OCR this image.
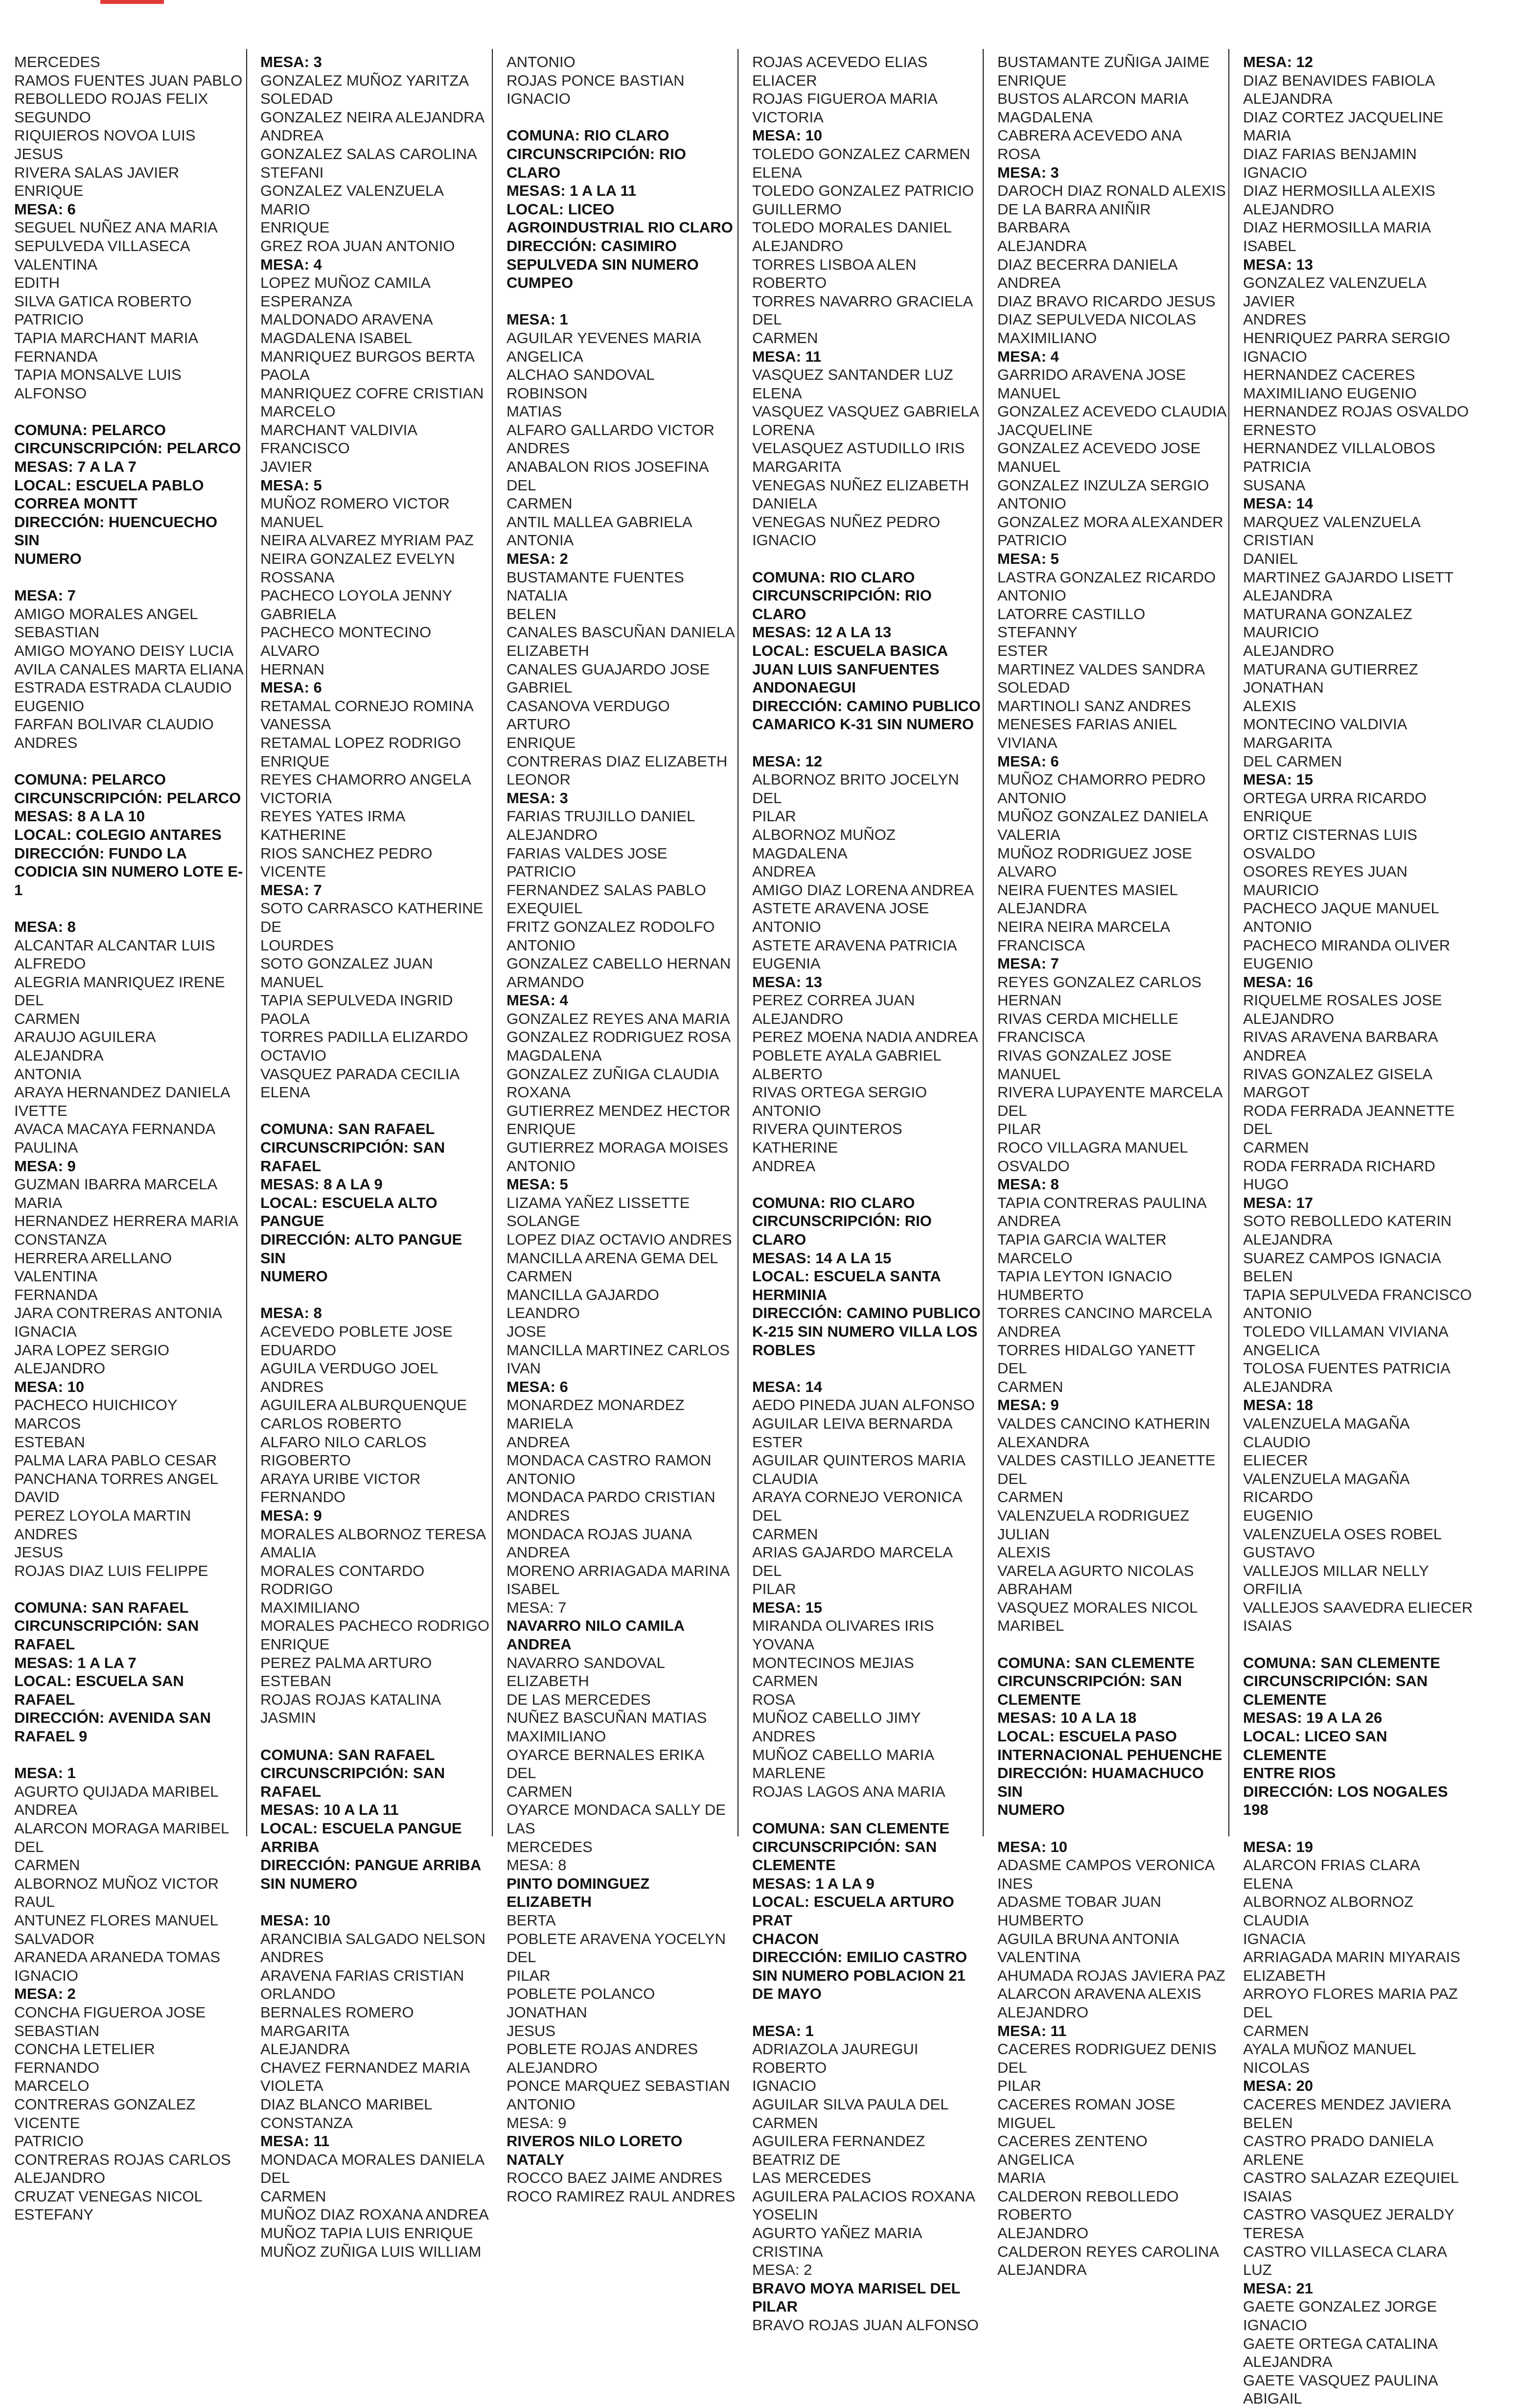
MERCEDES
RAMOS FUENTES JUAN PABLO
REBOLLEDO ROJAS FELIX
SEGUNDO
RIQUIEROS NOVOA LUIS JESUS
RIVERA SALAS JAVIER ENRIQUE
MESA: 6
SEGUEL NUÑEZ ANA MARIA
SEPULVEDA VILLASECA VALENTINA
EDITH
SILVA GATICA ROBERTO PATRICIO
TAPIA MARCHANT MARIA
FERNANDA
TAPIA MONSALVE LUIS ALFONSO

COMUNA: PELARCO
CIRCUNSCRIPCIÓN: PELARCO
MESAS: 7 A LA 7
LOCAL: ESCUELA PABLO
CORREA MONTT
DIRECCIÓN: HUENCUECHO SIN
NUMERO

MESA: 7
AMIGO MORALES ANGEL
SEBASTIAN
AMIGO MOYANO DEISY LUCIA
AVILA CANALES MARTA ELIANA
ESTRADA ESTRADA CLAUDIO
EUGENIO
FARFAN BOLIVAR CLAUDIO ANDRES

COMUNA: PELARCO
CIRCUNSCRIPCIÓN: PELARCO
MESAS: 8 A LA 10
LOCAL: COLEGIO ANTARES
DIRECCIÓN: FUNDO LA
CODICIA SIN NUMERO LOTE E-1

MESA: 8
ALCANTAR ALCANTAR LUIS
ALFREDO
ALEGRIA MANRIQUEZ IRENE DEL
CARMEN
ARAUJO AGUILERA ALEJANDRA
ANTONIA
ARAYA HERNANDEZ DANIELA
IVETTE
AVACA MACAYA FERNANDA
PAULINA
MESA: 9
GUZMAN IBARRA MARCELA MARIA
HERNANDEZ HERRERA MARIA
CONSTANZA
HERRERA ARELLANO VALENTINA
FERNANDA
JARA CONTRERAS ANTONIA
IGNACIA
JARA LOPEZ SERGIO ALEJANDRO
MESA: 10
PACHECO HUICHICOY MARCOS
ESTEBAN
PALMA LARA PABLO CESAR
PANCHANA TORRES ANGEL DAVID
PEREZ LOYOLA MARTIN ANDRES
JESUS
ROJAS DIAZ LUIS FELIPPE

COMUNA: SAN RAFAEL
CIRCUNSCRIPCIÓN: SAN
RAFAEL
MESAS: 1 A LA 7
LOCAL: ESCUELA SAN RAFAEL
DIRECCIÓN: AVENIDA SAN
RAFAEL 9

MESA: 1
AGURTO QUIJADA MARIBEL
ANDREA
ALARCON MORAGA MARIBEL DEL
CARMEN
ALBORNOZ MUÑOZ VICTOR RAUL
ANTUNEZ FLORES MANUEL
SALVADOR
ARANEDA ARANEDA TOMAS
IGNACIO
MESA: 2
CONCHA FIGUEROA JOSE
SEBASTIAN
CONCHA LETELIER FERNANDO
MARCELO
CONTRERAS GONZALEZ VICENTE
PATRICIO
CONTRERAS ROJAS CARLOS
ALEJANDRO
CRUZAT VENEGAS NICOL ESTEFANY
MESA: 3
GONZALEZ MUÑOZ YARITZA
SOLEDAD
GONZALEZ NEIRA ALEJANDRA
ANDREA
GONZALEZ SALAS CAROLINA
STEFANI
GONZALEZ VALENZUELA MARIO
ENRIQUE
GREZ ROA JUAN ANTONIO
MESA: 4
LOPEZ MUÑOZ CAMILA ESPERANZA
MALDONADO ARAVENA
MAGDALENA ISABEL
MANRIQUEZ BURGOS BERTA PAOLA
MANRIQUEZ COFRE CRISTIAN
MARCELO
MARCHANT VALDIVIA FRANCISCO
JAVIER
MESA: 5
MUÑOZ ROMERO VICTOR MANUEL
NEIRA ALVAREZ MYRIAM PAZ
NEIRA GONZALEZ EVELYN
ROSSANA
PACHECO LOYOLA JENNY GABRIELA
PACHECO MONTECINO ALVARO
HERNAN
MESA: 6
RETAMAL CORNEJO ROMINA
VANESSA
RETAMAL LOPEZ RODRIGO
ENRIQUE
REYES CHAMORRO ANGELA
VICTORIA
REYES YATES IRMA KATHERINE
RIOS SANCHEZ PEDRO VICENTE
MESA: 7
SOTO CARRASCO KATHERINE DE
LOURDES
SOTO GONZALEZ JUAN MANUEL
TAPIA SEPULVEDA INGRID PAOLA
TORRES PADILLA ELIZARDO
OCTAVIO
VASQUEZ PARADA CECILIA ELENA

COMUNA: SAN RAFAEL
CIRCUNSCRIPCIÓN: SAN
RAFAEL
MESAS: 8 A LA 9
LOCAL: ESCUELA ALTO PANGUE
DIRECCIÓN: ALTO PANGUE SIN
NUMERO

MESA: 8
ACEVEDO POBLETE JOSE EDUARDO
AGUILA VERDUGO JOEL ANDRES
AGUILERA ALBURQUENQUE
CARLOS ROBERTO
ALFARO NILO CARLOS RIGOBERTO
ARAYA URIBE VICTOR FERNANDO
MESA: 9
MORALES ALBORNOZ TERESA
AMALIA
MORALES CONTARDO RODRIGO
MAXIMILIANO
MORALES PACHECO RODRIGO
ENRIQUE
PEREZ PALMA ARTURO ESTEBAN
ROJAS ROJAS KATALINA JASMIN

COMUNA: SAN RAFAEL
CIRCUNSCRIPCIÓN: SAN
RAFAEL
MESAS: 10 A LA 11
LOCAL: ESCUELA PANGUE
ARRIBA
DIRECCIÓN: PANGUE ARRIBA
SIN NUMERO

MESA: 10
ARANCIBIA SALGADO NELSON
ANDRES
ARAVENA FARIAS CRISTIAN
ORLANDO
BERNALES ROMERO MARGARITA
ALEJANDRA
CHAVEZ FERNANDEZ MARIA
VIOLETA
DIAZ BLANCO MARIBEL
CONSTANZA
MESA: 11
MONDACA MORALES DANIELA DEL
CARMEN
MUÑOZ DIAZ ROXANA ANDREA
MUÑOZ TAPIA LUIS ENRIQUE
MUÑOZ ZUÑIGA LUIS WILLIAM
ANTONIO
ROJAS PONCE BASTIAN IGNACIO

COMUNA: RIO CLARO
CIRCUNSCRIPCIÓN: RIO CLARO
MESAS: 1 A LA 11
LOCAL: LICEO
AGROINDUSTRIAL RIO CLARO
DIRECCIÓN: CASIMIRO
SEPULVEDA SIN NUMERO
CUMPEO

MESA: 1
AGUILAR YEVENES MARIA
ANGELICA
ALCHAO SANDOVAL ROBINSON
MATIAS
ALFARO GALLARDO VICTOR
ANDRES
ANABALON RIOS JOSEFINA DEL
CARMEN
ANTIL MALLEA GABRIELA ANTONIA
MESA: 2
BUSTAMANTE FUENTES NATALIA
BELEN
CANALES BASCUÑAN DANIELA
ELIZABETH
CANALES GUAJARDO JOSE
GABRIEL
CASANOVA VERDUGO ARTURO
ENRIQUE
CONTRERAS DIAZ ELIZABETH
LEONOR
MESA: 3
FARIAS TRUJILLO DANIEL
ALEJANDRO
FARIAS VALDES JOSE PATRICIO
FERNANDEZ SALAS PABLO
EXEQUIEL
FRITZ GONZALEZ RODOLFO
ANTONIO
GONZALEZ CABELLO HERNAN
ARMANDO
MESA: 4
GONZALEZ REYES ANA MARIA
GONZALEZ RODRIGUEZ ROSA
MAGDALENA
GONZALEZ ZUÑIGA CLAUDIA
ROXANA
GUTIERREZ MENDEZ HECTOR
ENRIQUE
GUTIERREZ MORAGA MOISES
ANTONIO
MESA: 5
LIZAMA YAÑEZ LISSETTE SOLANGE
LOPEZ DIAZ OCTAVIO ANDRES
MANCILLA ARENA GEMA DEL
CARMEN
MANCILLA GAJARDO LEANDRO
JOSE
MANCILLA MARTINEZ CARLOS IVAN
MESA: 6
MONARDEZ MONARDEZ MARIELA
ANDREA
MONDACA CASTRO RAMON
ANTONIO
MONDACA PARDO CRISTIAN
ANDRES
MONDACA ROJAS JUANA ANDREA
MORENO ARRIAGADA MARINA
ISABEL
MESA: 7
NAVARRO NILO CAMILA ANDREA
NAVARRO SANDOVAL ELIZABETH
DE LAS MERCEDES
NUÑEZ BASCUÑAN MATIAS
MAXIMILIANO
OYARCE BERNALES ERIKA DEL
CARMEN
OYARCE MONDACA SALLY DE LAS
MERCEDES
MESA: 8
PINTO DOMINGUEZ ELIZABETH
BERTA
POBLETE ARAVENA YOCELYN DEL
PILAR
POBLETE POLANCO JONATHAN
JESUS
POBLETE ROJAS ANDRES
ALEJANDRO
PONCE MARQUEZ SEBASTIAN
ANTONIO
MESA: 9
RIVEROS NILO LORETO NATALY
ROCCO BAEZ JAIME ANDRES
ROCO RAMIREZ RAUL ANDRES
ROJAS ACEVEDO ELIAS ELIACER
ROJAS FIGUEROA MARIA VICTORIA
MESA: 10
TOLEDO GONZALEZ CARMEN ELENA
TOLEDO GONZALEZ PATRICIO
GUILLERMO
TOLEDO MORALES DANIEL
ALEJANDRO
TORRES LISBOA ALEN ROBERTO
TORRES NAVARRO GRACIELA DEL
CARMEN
MESA: 11
VASQUEZ SANTANDER LUZ ELENA
VASQUEZ VASQUEZ GABRIELA
LORENA
VELASQUEZ ASTUDILLO IRIS
MARGARITA
VENEGAS NUÑEZ ELIZABETH
DANIELA
VENEGAS NUÑEZ PEDRO IGNACIO

COMUNA: RIO CLARO
CIRCUNSCRIPCIÓN: RIO CLARO
MESAS: 12 A LA 13
LOCAL: ESCUELA BASICA
JUAN LUIS SANFUENTES
ANDONAEGUI
DIRECCIÓN: CAMINO PUBLICO
CAMARICO K-31 SIN NUMERO

MESA: 12
ALBORNOZ BRITO JOCELYN DEL
PILAR
ALBORNOZ MUÑOZ MAGDALENA
ANDREA
AMIGO DIAZ LORENA ANDREA
ASTETE ARAVENA JOSE ANTONIO
ASTETE ARAVENA PATRICIA
EUGENIA
MESA: 13
PEREZ CORREA JUAN ALEJANDRO
PEREZ MOENA NADIA ANDREA
POBLETE AYALA GABRIEL ALBERTO
RIVAS ORTEGA SERGIO ANTONIO
RIVERA QUINTEROS KATHERINE
ANDREA

COMUNA: RIO CLARO
CIRCUNSCRIPCIÓN: RIO CLARO
MESAS: 14 A LA 15
LOCAL: ESCUELA SANTA
HERMINIA
DIRECCIÓN: CAMINO PUBLICO
K-215 SIN NUMERO VILLA LOS
ROBLES

MESA: 14
AEDO PINEDA JUAN ALFONSO
AGUILAR LEIVA BERNARDA ESTER
AGUILAR QUINTEROS MARIA
CLAUDIA
ARAYA CORNEJO VERONICA DEL
CARMEN
ARIAS GAJARDO MARCELA DEL
PILAR
MESA: 15
MIRANDA OLIVARES IRIS YOVANA
MONTECINOS MEJIAS CARMEN
ROSA
MUÑOZ CABELLO JIMY ANDRES
MUÑOZ CABELLO MARIA MARLENE
ROJAS LAGOS ANA MARIA

COMUNA: SAN CLEMENTE
CIRCUNSCRIPCIÓN: SAN
CLEMENTE
MESAS: 1 A LA 9
LOCAL: ESCUELA ARTURO PRAT
CHACON
DIRECCIÓN: EMILIO CASTRO
SIN NUMERO POBLACION 21
DE MAYO

MESA: 1
ADRIAZOLA JAUREGUI ROBERTO
IGNACIO
AGUILAR SILVA PAULA DEL
CARMEN
AGUILERA FERNANDEZ BEATRIZ DE
LAS MERCEDES
AGUILERA PALACIOS ROXANA
YOSELIN
AGURTO YAÑEZ MARIA CRISTINA
MESA: 2
BRAVO MOYA MARISEL DEL PILAR
BRAVO ROJAS JUAN ALFONSO
BUSTAMANTE ZUÑIGA JAIME
ENRIQUE
BUSTOS ALARCON MARIA
MAGDALENA
CABRERA ACEVEDO ANA ROSA
MESA: 3
DAROCH DIAZ RONALD ALEXIS
DE LA BARRA ANIÑIR BARBARA
ALEJANDRA
DIAZ BECERRA DANIELA ANDREA
DIAZ BRAVO RICARDO JESUS
DIAZ SEPULVEDA NICOLAS
MAXIMILIANO
MESA: 4
GARRIDO ARAVENA JOSE MANUEL
GONZALEZ ACEVEDO CLAUDIA
JACQUELINE
GONZALEZ ACEVEDO JOSE MANUEL
GONZALEZ INZULZA SERGIO
ANTONIO
GONZALEZ MORA ALEXANDER
PATRICIO
MESA: 5
LASTRA GONZALEZ RICARDO
ANTONIO
LATORRE CASTILLO STEFANNY
ESTER
MARTINEZ VALDES SANDRA
SOLEDAD
MARTINOLI SANZ ANDRES
MENESES FARIAS ANIEL VIVIANA
MESA: 6
MUÑOZ CHAMORRO PEDRO
ANTONIO
MUÑOZ GONZALEZ DANIELA
VALERIA
MUÑOZ RODRIGUEZ JOSE ALVARO
NEIRA FUENTES MASIEL
ALEJANDRA
NEIRA NEIRA MARCELA FRANCISCA
MESA: 7
REYES GONZALEZ CARLOS HERNAN
RIVAS CERDA MICHELLE
FRANCISCA
RIVAS GONZALEZ JOSE MANUEL
RIVERA LUPAYENTE MARCELA DEL
PILAR
ROCO VILLAGRA MANUEL OSVALDO
MESA: 8
TAPIA CONTRERAS PAULINA
ANDREA
TAPIA GARCIA WALTER MARCELO
TAPIA LEYTON IGNACIO HUMBERTO
TORRES CANCINO MARCELA
ANDREA
TORRES HIDALGO YANETT DEL
CARMEN
MESA: 9
VALDES CANCINO KATHERIN
ALEXANDRA
VALDES CASTILLO JEANETTE DEL
CARMEN
VALENZUELA RODRIGUEZ JULIAN
ALEXIS
VARELA AGURTO NICOLAS
ABRAHAM
VASQUEZ MORALES NICOL
MARIBEL

COMUNA: SAN CLEMENTE
CIRCUNSCRIPCIÓN: SAN
CLEMENTE
MESAS: 10 A LA 18
LOCAL: ESCUELA PASO
INTERNACIONAL PEHUENCHE
DIRECCIÓN: HUAMACHUCO SIN
NUMERO

MESA: 10
ADASME CAMPOS VERONICA INES
ADASME TOBAR JUAN HUMBERTO
AGUILA BRUNA ANTONIA
VALENTINA
AHUMADA ROJAS JAVIERA PAZ
ALARCON ARAVENA ALEXIS
ALEJANDRO
MESA: 11
CACERES RODRIGUEZ DENIS DEL
PILAR
CACERES ROMAN JOSE MIGUEL
CACERES ZENTENO ANGELICA
MARIA
CALDERON REBOLLEDO ROBERTO
ALEJANDRO
CALDERON REYES CAROLINA
ALEJANDRA
MESA: 12
DIAZ BENAVIDES FABIOLA
ALEJANDRA
DIAZ CORTEZ JACQUELINE MARIA
DIAZ FARIAS BENJAMIN IGNACIO
DIAZ HERMOSILLA ALEXIS
ALEJANDRO
DIAZ HERMOSILLA MARIA ISABEL
MESA: 13
GONZALEZ VALENZUELA JAVIER
ANDRES
HENRIQUEZ PARRA SERGIO
IGNACIO
HERNANDEZ CACERES
MAXIMILIANO EUGENIO
HERNANDEZ ROJAS OSVALDO
ERNESTO
HERNANDEZ VILLALOBOS PATRICIA
SUSANA
MESA: 14
MARQUEZ VALENZUELA CRISTIAN
DANIEL
MARTINEZ GAJARDO LISETT
ALEJANDRA
MATURANA GONZALEZ MAURICIO
ALEJANDRO
MATURANA GUTIERREZ JONATHAN
ALEXIS
MONTECINO VALDIVIA MARGARITA
DEL CARMEN
MESA: 15
ORTEGA URRA RICARDO ENRIQUE
ORTIZ CISTERNAS LUIS OSVALDO
OSORES REYES JUAN MAURICIO
PACHECO JAQUE MANUEL ANTONIO
PACHECO MIRANDA OLIVER
EUGENIO
MESA: 16
RIQUELME ROSALES JOSE
ALEJANDRO
RIVAS ARAVENA BARBARA ANDREA
RIVAS GONZALEZ GISELA MARGOT
RODA FERRADA JEANNETTE DEL
CARMEN
RODA FERRADA RICHARD HUGO
MESA: 17
SOTO REBOLLEDO KATERIN
ALEJANDRA
SUAREZ CAMPOS IGNACIA BELEN
TAPIA SEPULVEDA FRANCISCO
ANTONIO
TOLEDO VILLAMAN VIVIANA
ANGELICA
TOLOSA FUENTES PATRICIA
ALEJANDRA
MESA: 18
VALENZUELA MAGAÑA CLAUDIO
ELIECER
VALENZUELA MAGAÑA RICARDO
EUGENIO
VALENZUELA OSES ROBEL
GUSTAVO
VALLEJOS MILLAR NELLY ORFILIA
VALLEJOS SAAVEDRA ELIECER
ISAIAS

COMUNA: SAN CLEMENTE
CIRCUNSCRIPCIÓN: SAN
CLEMENTE
MESAS: 19 A LA 26
LOCAL: LICEO SAN CLEMENTE
ENTRE RIOS
DIRECCIÓN: LOS NOGALES 198

MESA: 19
ALARCON FRIAS CLARA ELENA
ALBORNOZ ALBORNOZ CLAUDIA
IGNACIA
ARRIAGADA MARIN MIYARAIS
ELIZABETH
ARROYO FLORES MARIA PAZ DEL
CARMEN
AYALA MUÑOZ MANUEL NICOLAS
MESA: 20
CACERES MENDEZ JAVIERA BELEN
CASTRO PRADO DANIELA ARLENE
CASTRO SALAZAR EZEQUIEL
ISAIAS
CASTRO VASQUEZ JERALDY
TERESA
CASTRO VILLASECA CLARA LUZ
MESA: 21
GAETE GONZALEZ JORGE IGNACIO
GAETE ORTEGA CATALINA
ALEJANDRA
GAETE VASQUEZ PAULINA ABIGAIL
